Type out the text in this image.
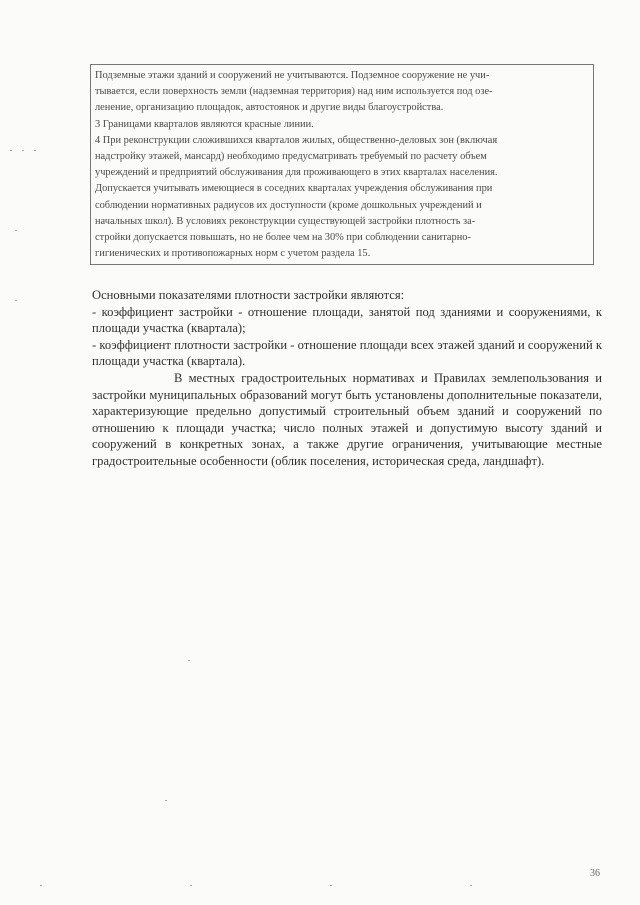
Подземные этажи зданий и сооружений не учитываются. Подземное сооружение не учи-

тывается, если поверхность земли (надземная территория) над ним используется под озе-

ленение, организацию площадок, автостоянок и другие виды благоустройства.

3 Границами кварталов являются красные линии.

4 При реконструкции сложившихся кварталов жилых, общественно-деловых зон (включая

надстройку этажей, мансард) необходимо предусматривать требуемый по расчету объем

учреждений и предприятий обслуживания для проживающего в этих кварталах населения.

Допускается учитывать имеющиеся в соседних кварталах учреждения обслуживания при

соблюдении нормативных радиусов их доступности (кроме дошкольных учреждений и

начальных школ). В условиях реконструкции существующей застройки плотность за-

стройки допускается повышать, но не более чем на 30% при соблюдении санитарно-

гигиенических и противопожарных норм с учетом раздела 15.

Основными показателями плотности застройки являются:

- коэффициент застройки - отношение площади, занятой под зданиями и сооружениями, к площади участка (квартала);

- коэффициент плотности застройки - отношение площади всех этажей зданий и сооружений к площади участка (квартала).

В местных градостроительных нормативах и Правилах землепользования и застройки муниципальных образований могут быть установлены дополнительные показатели, характеризующие предельно допустимый строительный объем зданий и сооружений по отношению к площади участка; число полных этажей и допустимую высоту зданий и сооружений в конкретных зонах, а также другие ограничения, учитывающие местные градостроительные особенности (облик поселения, историческая среда, ландшафт).

36
